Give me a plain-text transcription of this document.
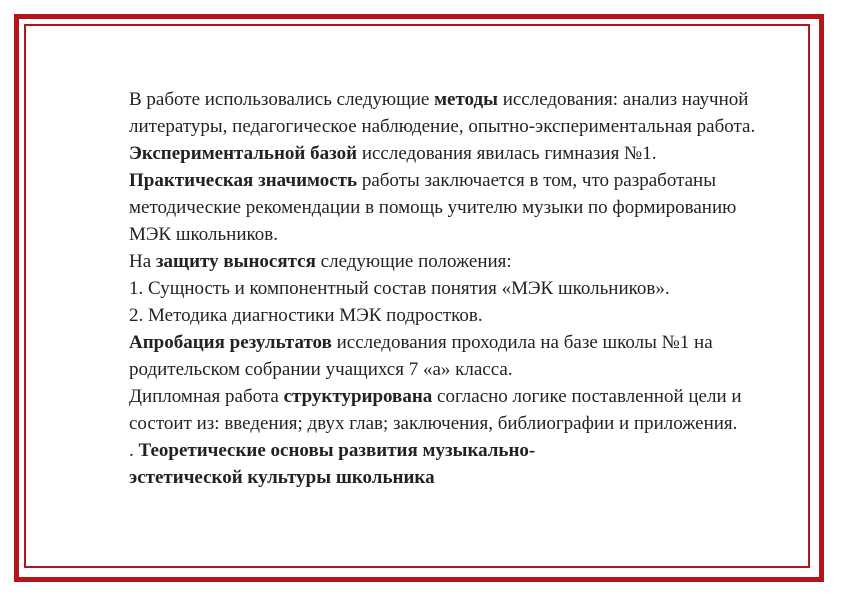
В работе использовались следующие методы исследования: анализ научной литературы, педагогическое наблюдение, опытно-экспериментальная работа.

Экспериментальной базой исследования явилась гимназия №1.

Практическая значимость работы заключается в том, что разработаны методические рекомендации в помощь учителю музыки по формированию МЭК школьников.

На защиту выносятся следующие положения:

1. Сущность и компонентный состав понятия «МЭК школьников».

2. Методика диагностики МЭК подростков.

Апробация результатов исследования проходила на базе школы №1 на родительском собрании учащихся 7 «а» класса.

Дипломная работа структурирована согласно логике поставленной цели и состоит из: введения; двух глав; заключения, библиографии и приложения.

. Теоретические основы развития музыкально-
эстетической культуры школьника
